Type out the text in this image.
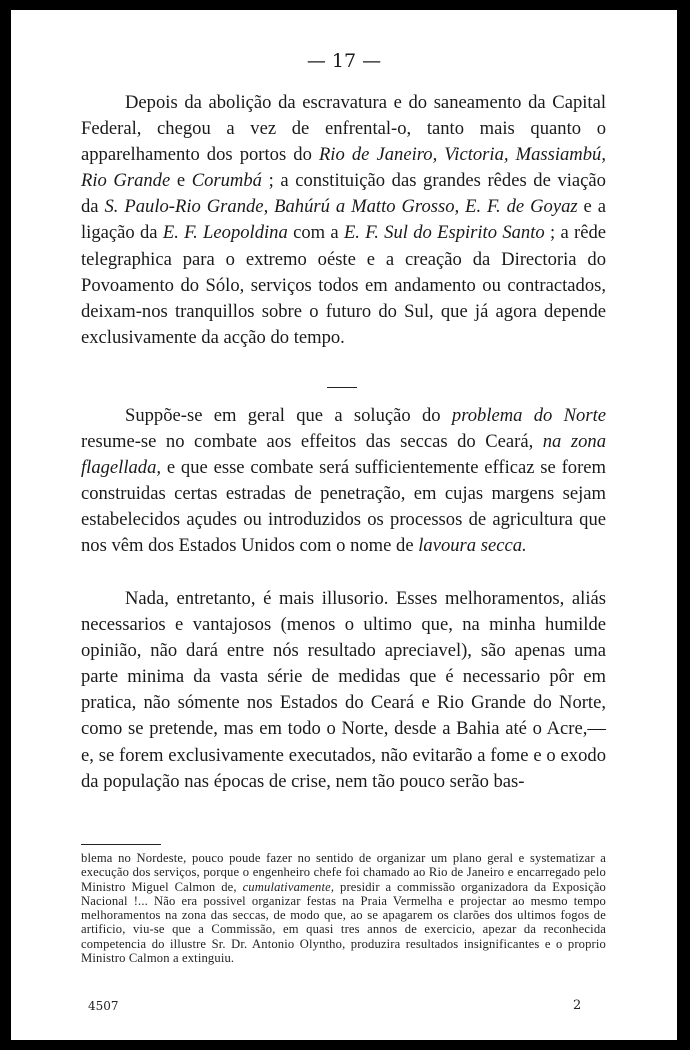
— 17 —

Depois da abolição da escravatura e do saneamento da Capital Federal, chegou a vez de enfrental-o, tanto mais quanto o apparelhamento dos portos do Rio de Janeiro, Victoria, Massiambú, Rio Grande e Corumbá ; a constituição das grandes rêdes de viação da S. Paulo-Rio Grande, Bahúrú a Matto Grosso, E. F. de Goyaz e a ligação da E. F. Leopoldina com a E. F. Sul do Espirito Santo ; a rêde telegraphica para o extremo oéste e a creação da Directoria do Povoamento do Sólo, serviços todos em andamento ou contractados, deixam-nos tranquillos sobre o futuro do Sul, que já agora depende exclusivamente da acção do tempo.

Suppõe-se em geral que a solução do problema do Norte resume-se no combate aos effeitos das seccas do Ceará, na zona flagellada, e que esse combate será sufficientemente efficaz se forem construidas certas estradas de penetração, em cujas margens sejam estabelecidos açudes ou introduzidos os processos de agricultura que nos vêm dos Estados Unidos com o nome de lavoura secca.

Nada, entretanto, é mais illusorio. Esses melhoramentos, aliás necessarios e vantajosos (menos o ultimo que, na minha humilde opinião, não dará entre nós resultado apreciavel), são apenas uma parte minima da vasta série de medidas que é necessario pôr em pratica, não sómente nos Estados do Ceará e Rio Grande do Norte, como se pretende, mas em todo o Norte, desde a Bahia até o Acre,— e, se forem exclusivamente executados, não evitarão a fome e o exodo da população nas épocas de crise, nem tão pouco serão bas-

blema no Nordeste, pouco poude fazer no sentido de organizar um plano geral e systematizar a execução dos serviços, porque o engenheiro chefe foi chamado ao Rio de Janeiro e encarregado pelo Ministro Miguel Calmon de, cumulativamente, presidir a commissão organizadora da Exposição Nacional !... Não era possivel organizar festas na Praia Vermelha e projectar ao mesmo tempo melhoramentos na zona das seccas, de modo que, ao se apagarem os clarões dos ultimos fogos de artificio, viu-se que a Commissão, em quasi tres annos de exercicio, apezar da reconhecida competencia do illustre Sr. Dr. Antonio Olyntho, produzira resultados insignificantes e o proprio Ministro Calmon a extinguiu.

4507	2
